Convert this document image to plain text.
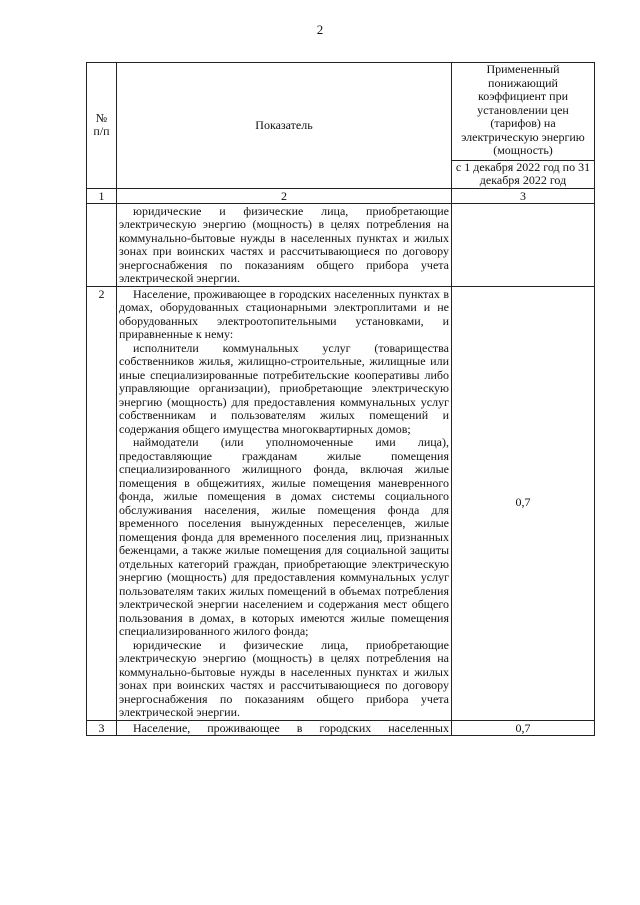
2
№
п/п	Показатель	Примененный понижающий коэффициент при установлении цен (тарифов) на электрическую энергию (мощность)
		с 1 декабря 2022 год по 31 декабря 2022 год
1	2	3

	юридические и физические лица, приобретающие электрическую энергию (мощность) в целях потребления на коммунально-бытовые нужды в населенных пунктах и жилых зонах при воинских частях и рассчитывающиеся по договору энергоснабжения по показаниям общего прибора учета электрической энергии.	

2	Население, проживающее в городских населенных пунктах в домах, оборудованных стационарными электроплитами и не оборудованных электроотопительными установками, и приравненные к нему:

исполнители коммунальных услуг (товарищества собственников жилья, жилищно-строительные, жилищные или иные специализированные потребительские кооперативы либо управляющие организации), приобретающие электрическую энергию (мощность) для предоставления коммунальных услуг собственникам и пользователям жилых помещений и содержания общего имущества многоквартирных домов;

наймодатели (или уполномоченные ими лица), предоставляющие гражданам жилые помещения специализированного жилищного фонда, включая жилые помещения в общежитиях, жилые помещения маневренного фонда, жилые помещения в домах системы социального обслуживания населения, жилые помещения фонда для временного поселения вынужденных переселенцев, жилые помещения фонда для временного поселения лиц, признанных беженцами, а также жилые помещения для социальной защиты отдельных категорий граждан, приобретающие электрическую энергию (мощность) для предоставления коммунальных услуг пользователям таких жилых помещений в объемах потребления электрической энергии населением и содержания мест общего пользования в домах, в которых имеются жилые помещения специализированного жилого фонда;

юридические и физические лица, приобретающие электрическую энергию (мощность) в целях потребления на коммунально-бытовые нужды в населенных пунктах и жилых зонах при воинских частях и рассчитывающиеся по договору энергоснабжения по показаниям общего прибора учета электрической энергии.	0,7
3	Население, проживающее в городских населенных	0,7
